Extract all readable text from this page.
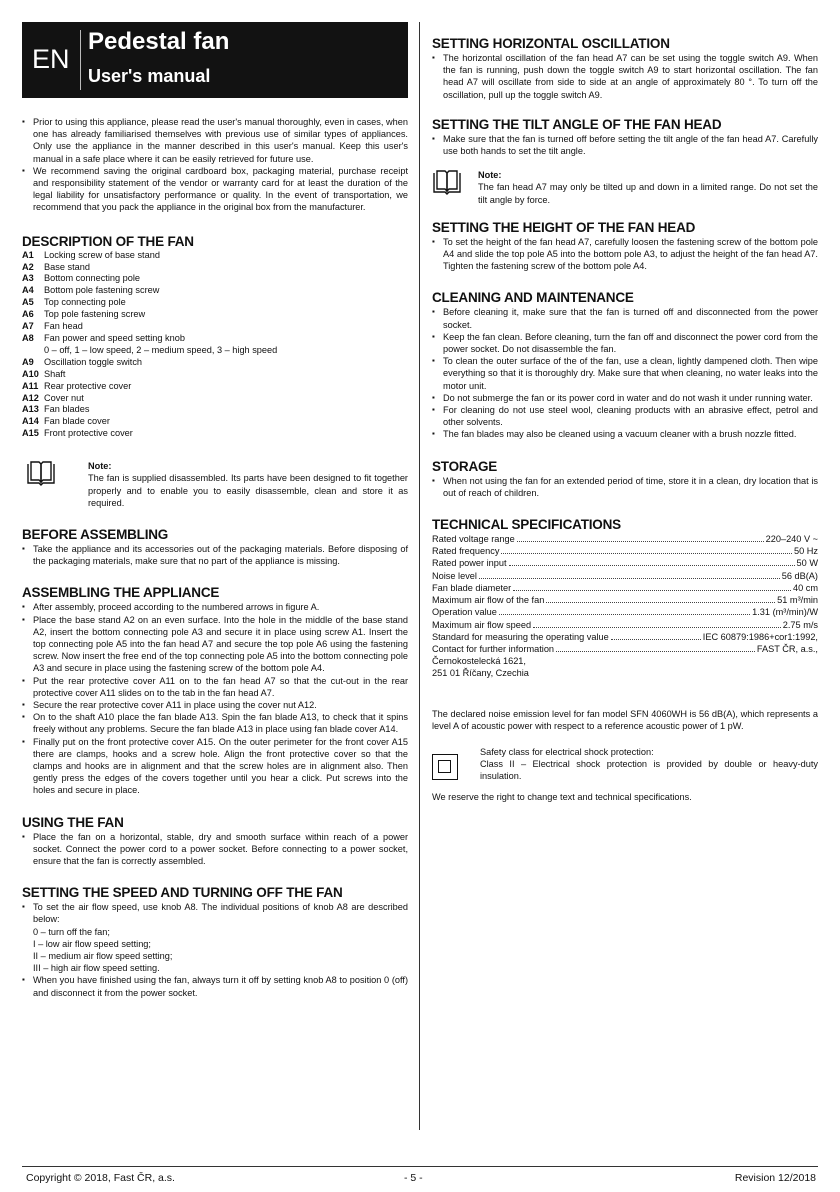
EN
Pedestal fan
User's manual
▪ Prior to using this appliance, please read the user's manual thoroughly, even in cases, when one has already familiarised themselves with previous use of similar types of appliances. Only use the appliance in the manner described in this user's manual. Keep this user's manual in a safe place where it can be easily retrieved for future use.
▪ We recommend saving the original cardboard box, packaging material, purchase receipt and responsibility statement of the vendor or warranty card for at least the duration of the legal liability for unsatisfactory performance or quality. In the event of transportation, we recommend that you pack the appliance in the original box from the manufacturer.
DESCRIPTION OF THE FAN
A1	Locking screw of base stand
A2	Base stand
A3	Bottom connecting pole
A4	Bottom pole fastening screw
A5	Top connecting pole
A6	Top pole fastening screw
A7	Fan head
A8	Fan power and speed setting knob
0 – off, 1 – low speed, 2 – medium speed, 3 – high speed
A9	Oscillation toggle switch
A10 Shaft
A11 Rear protective cover
A12 Cover nut
A13 Fan blades
A14 Fan blade cover
A15 Front protective cover
Note:
The fan is supplied disassembled. Its parts have been designed to fit together properly and to enable you to easily disassemble, clean and store it as required.
BEFORE ASSEMBLING
▪ Take the appliance and its accessories out of the packaging materials. Before disposing of the packaging materials, make sure that no part of the appliance is missing.
ASSEMBLING THE APPLIANCE
▪ After assembly, proceed according to the numbered arrows in figure A.
▪ Place the base stand A2 on an even surface. Into the hole in the middle of the base stand A2, insert the bottom connecting pole A3 and secure it in place using screw A1. Insert the top connecting pole A5 into the fan head A7 and secure the top pole A6 using the fastening screw. Now insert the free end of the top connecting pole A5 into the bottom connecting pole A3 and secure in place using the fastening screw of the bottom pole A4.
▪ Put the rear protective cover A11 on to the fan head A7 so that the cut-out in the rear protective cover A11 slides on to the tab in the fan head A7.
▪ Secure the rear protective cover A11 in place using the cover nut A12.
▪ On to the shaft A10 place the fan blade A13. Spin the fan blade A13, to check that it spins freely without any problems. Secure the fan blade A13 in place using fan blade cover A14.
▪ Finally put on the front protective cover A15. On the outer perimeter for the front cover A15 there are clamps, hooks and a screw hole. Align the front protective cover so that the clamps and hooks are in alignment and that the screw holes are in alignment also. Then gently press the edges of the covers together until you hear a click. Put screws into the holes and secure in place.
USING THE FAN
▪ Place the fan on a horizontal, stable, dry and smooth surface within reach of a power socket. Connect the power cord to a power socket. Before connecting to a power socket, ensure that the fan is correctly assembled.
SETTING THE SPEED AND TURNING OFF THE FAN
▪ To set the air flow speed, use knob A8. The individual positions of knob A8 are described below:
0 – turn off the fan;
I – low air flow speed setting;
II – medium air flow speed setting;
III – high air flow speed setting.
▪ When you have finished using the fan, always turn it off by setting knob A8 to position 0 (off) and disconnect it from the power socket.
SETTING HORIZONTAL OSCILLATION
▪ The horizontal oscillation of the fan head A7 can be set using the toggle switch A9. When the fan is running, push down the toggle switch A9 to start horizontal oscillation. The fan head A7 will oscillate from side to side at an angle of approximately 80 °. To turn off the oscillation, pull up the toggle switch A9.
SETTING THE TILT ANGLE OF THE FAN HEAD
▪ Make sure that the fan is turned off before setting the tilt angle of the fan head A7. Carefully use both hands to set the tilt angle.
Note:
The fan head A7 may only be tilted up and down in a limited range. Do not set the tilt angle by force.
SETTING THE HEIGHT OF THE FAN HEAD
▪ To set the height of the fan head A7, carefully loosen the fastening screw of the bottom pole A4 and slide the top pole A5 into the bottom pole A3, to adjust the height of the fan head A7. Tighten the fastening screw of the bottom pole A4.
CLEANING AND MAINTENANCE
▪ Before cleaning it, make sure that the fan is turned off and disconnected from the power socket.
▪ Keep the fan clean. Before cleaning, turn the fan off and disconnect the power cord from the power socket. Do not disassemble the fan.
▪ To clean the outer surface of the of the fan, use a clean, lightly dampened cloth. Then wipe everything so that it is thoroughly dry. Make sure that when cleaning, no water leaks into the motor unit.
▪ Do not submerge the fan or its power cord in water and do not wash it under running water.
▪ For cleaning do not use steel wool, cleaning products with an abrasive effect, petrol and other solvents.
▪ The fan blades may also be cleaned using a vacuum cleaner with a brush nozzle fitted.
STORAGE
▪ When not using the fan for an extended period of time, store it in a clean, dry location that is out of reach of children.
TECHNICAL SPECIFICATIONS
Rated voltage range	220–240 V ~
Rated frequency	50 Hz
Rated power input	50 W
Noise level	56 dB(A)
Fan blade diameter	40 cm
Maximum air flow of the fan	51 m³/min
Operation value	1.31 (m³/min)/W
Maximum air flow speed	2.75 m/s
Standard for measuring the operating value	IEC 60879:1986+cor1:1992,
Contact for further information	FAST ČR, a.s.,
Černokostelecká 1621,
251 01 Říčany, Czechia
The declared noise emission level for fan model SFN 4060WH is 56 dB(A), which represents a level A of acoustic power with respect to a reference acoustic power of 1 pW.
Safety class for electrical shock protection:
Class II – Electrical shock protection is provided by double or heavy-duty insulation.
We reserve the right to change text and technical specifications.
Copyright © 2018, Fast ČR, a.s.	- 5 -	Revision 12/2018
